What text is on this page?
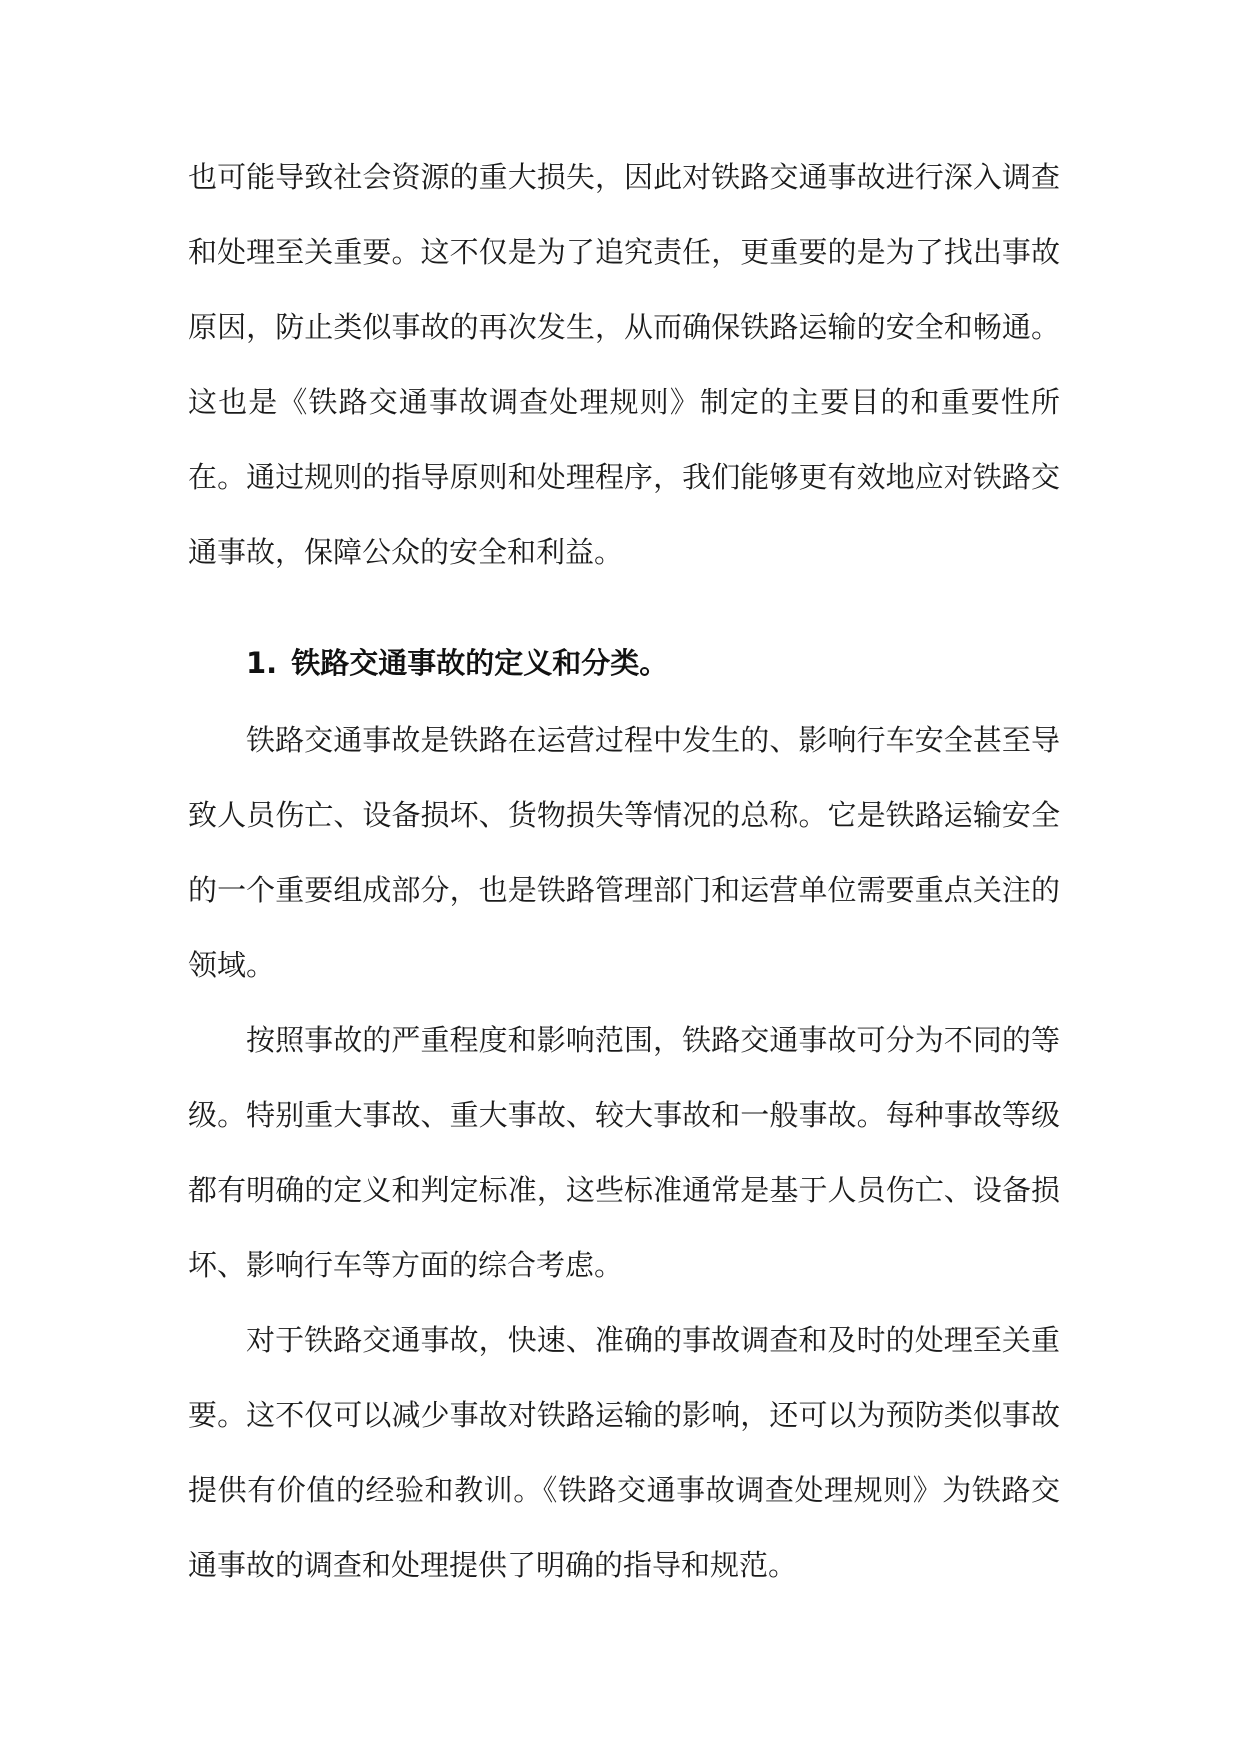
也可能导致社会资源的重大损失，因此对铁路交通事故进行深入调查和处理至关重要。这不仅是为了追究责任，更重要的是为了找出事故原因，防止类似事故的再次发生，从而确保铁路运输的安全和畅通。这也是《铁路交通事故调查处理规则》制定的主要目的和重要性所在。通过规则的指导原则和处理程序，我们能够更有效地应对铁路交通事故，保障公众的安全和利益。

1. 铁路交通事故的定义和分类。

铁路交通事故是铁路在运营过程中发生的、影响行车安全甚至导致人员伤亡、设备损坏、货物损失等情况的总称。它是铁路运输安全的一个重要组成部分，也是铁路管理部门和运营单位需要重点关注的领域。

按照事故的严重程度和影响范围，铁路交通事故可分为不同的等级。特别重大事故、重大事故、较大事故和一般事故。每种事故等级都有明确的定义和判定标准，这些标准通常是基于人员伤亡、设备损坏、影响行车等方面的综合考虑。

对于铁路交通事故，快速、准确的事故调查和及时的处理至关重要。这不仅可以减少事故对铁路运输的影响，还可以为预防类似事故提供有价值的经验和教训。《铁路交通事故调查处理规则》为铁路交通事故的调查和处理提供了明确的指导和规范。
